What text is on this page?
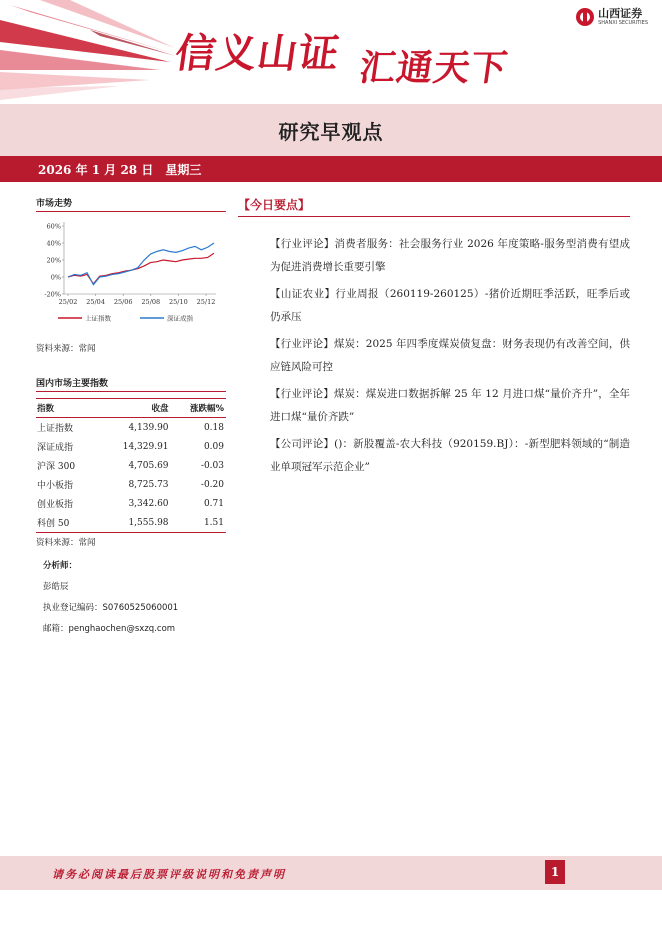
信义山证 汇通天下
山西证券
SHANXI SECURITIES
研究早观点
2026 年 1 月 28 日　星期三
市场走势
60%
40%
20%
0%
-20%
25/02 25/04 25/06 25/08 25/10 25/12
上证指数	深证成指
资料来源：常闻
国内市场主要指数
指数	收盘	涨跌幅%
上证指数	4,139.90	0.18
深证成指	14,329.91	0.09
沪深 300	4,705.69	-0.03
中小板指	8,725.73	-0.20
创业板指	3,342.60	0.71
科创 50	1,555.98	1.51
资料来源：常闻
分析师：
彭皓辰
执业登记编码：S0760525060001
邮箱：penghaochen@sxzq.com
【今日要点】

【行业评论】消费者服务：社会服务行业 2026 年度策略-服务型消费有望成为促进消费增长重要引擎

【山证农业】行业周报（260119-260125）-猪价近期旺季活跃，旺季后或仍承压

【行业评论】煤炭：2025 年四季度煤炭债复盘：财务表现仍有改善空间，供应链风险可控

【行业评论】煤炭：煤炭进口数据拆解 25 年 12 月进口煤“量价齐升”，全年进口煤“量价齐跌”

【公司评论】()：新股覆盖-农大科技（920159.BJ）：-新型肥料领域的“制造业单项冠军示范企业”

请务必阅读最后股票评级说明和免责声明	1
